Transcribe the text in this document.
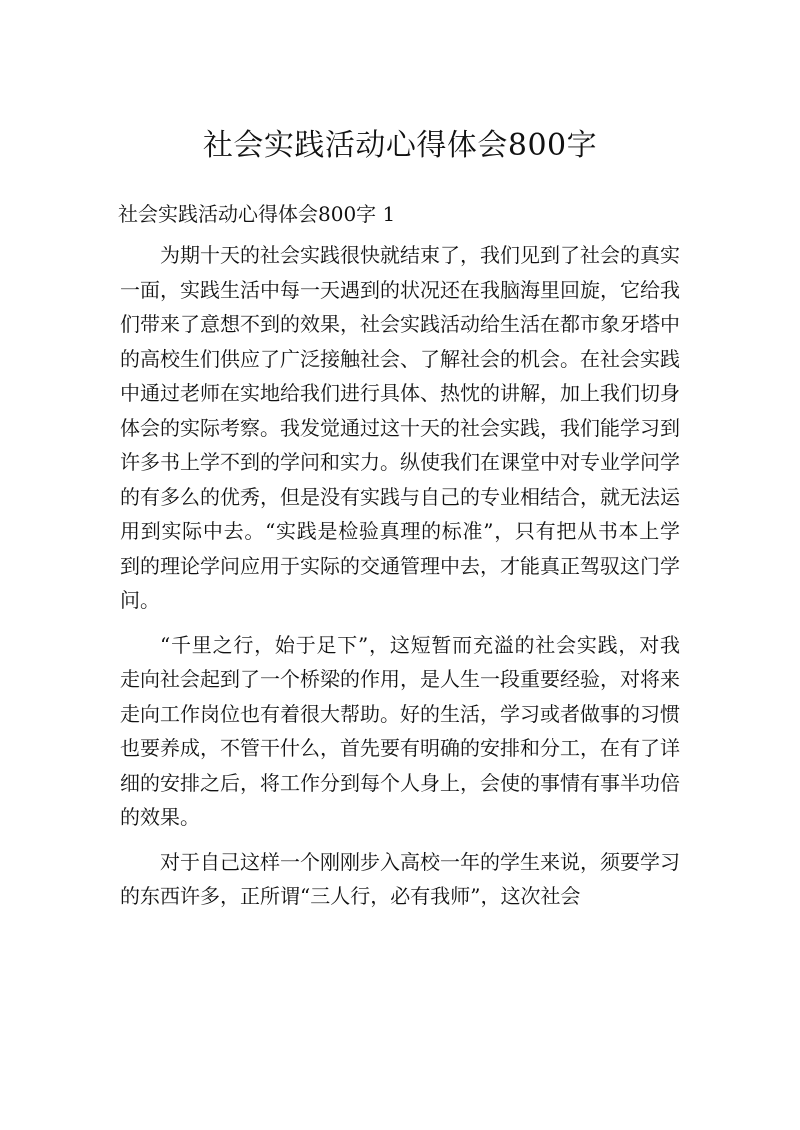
社会实践活动心得体会800字
社会实践活动心得体会800字 1

为期十天的社会实践很快就结束了，我们见到了社会的真实一面，实践生活中每一天遇到的状况还在我脑海里回旋，它给我们带来了意想不到的效果，社会实践活动给生活在都市象牙塔中的高校生们供应了广泛接触社会、了解社会的机会。在社会实践中通过老师在实地给我们进行具体、热忱的讲解，加上我们切身体会的实际考察。我发觉通过这十天的社会实践，我们能学习到许多书上学不到的学问和实力。纵使我们在课堂中对专业学问学的有多么的优秀，但是没有实践与自己的专业相结合，就无法运用到实际中去。“实践是检验真理的标准”，只有把从书本上学到的理论学问应用于实际的交通管理中去，才能真正驾驭这门学问。

“千里之行，始于足下”，这短暂而充溢的社会实践，对我走向社会起到了一个桥梁的作用，是人生一段重要经验，对将来走向工作岗位也有着很大帮助。好的生活，学习或者做事的习惯也要养成，不管干什么，首先要有明确的安排和分工，在有了详细的安排之后，将工作分到每个人身上，会使的事情有事半功倍的效果。

对于自己这样一个刚刚步入高校一年的学生来说，须要学习的东西许多，正所谓“三人行，必有我师”，这次社会
